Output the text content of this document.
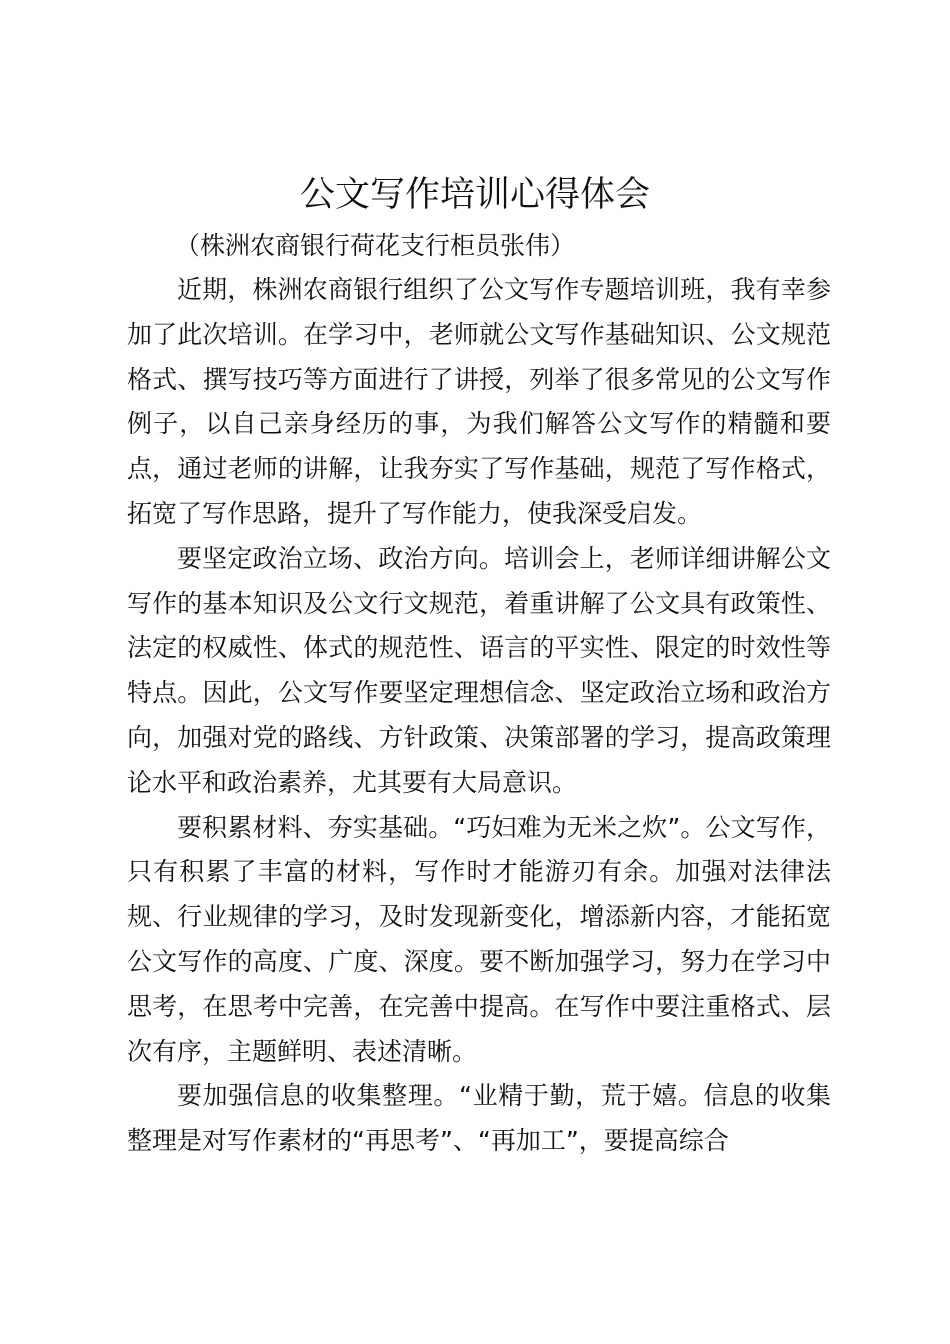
公文写作培训心得体会

（株洲农商银行荷花支行柜员张伟）

近期，株洲农商银行组织了公文写作专题培训班，我有幸参加了此次培训。在学习中，老师就公文写作基础知识、公文规范格式、撰写技巧等方面进行了讲授，列举了很多常见的公文写作例子，以自己亲身经历的事，为我们解答公文写作的精髓和要点，通过老师的讲解，让我夯实了写作基础，规范了写作格式，拓宽了写作思路，提升了写作能力，使我深受启发。

要坚定政治立场、政治方向。培训会上，老师详细讲解公文写作的基本知识及公文行文规范，着重讲解了公文具有政策性、法定的权威性、体式的规范性、语言的平实性、限定的时效性等特点。因此，公文写作要坚定理想信念、坚定政治立场和政治方向，加强对党的路线、方针政策、决策部署的学习，提高政策理论水平和政治素养，尤其要有大局意识。

要积累材料、夯实基础。“巧妇难为无米之炊”。公文写作，只有积累了丰富的材料，写作时才能游刃有余。加强对法律法规、行业规律的学习，及时发现新变化，增添新内容，才能拓宽公文写作的高度、广度、深度。要不断加强学习，努力在学习中思考，在思考中完善，在完善中提高。在写作中要注重格式、层次有序，主题鲜明、表述清晰。

要加强信息的收集整理。“业精于勤，荒于嬉。信息的收集整理是对写作素材的“再思考”、“再加工”，要提高综合
